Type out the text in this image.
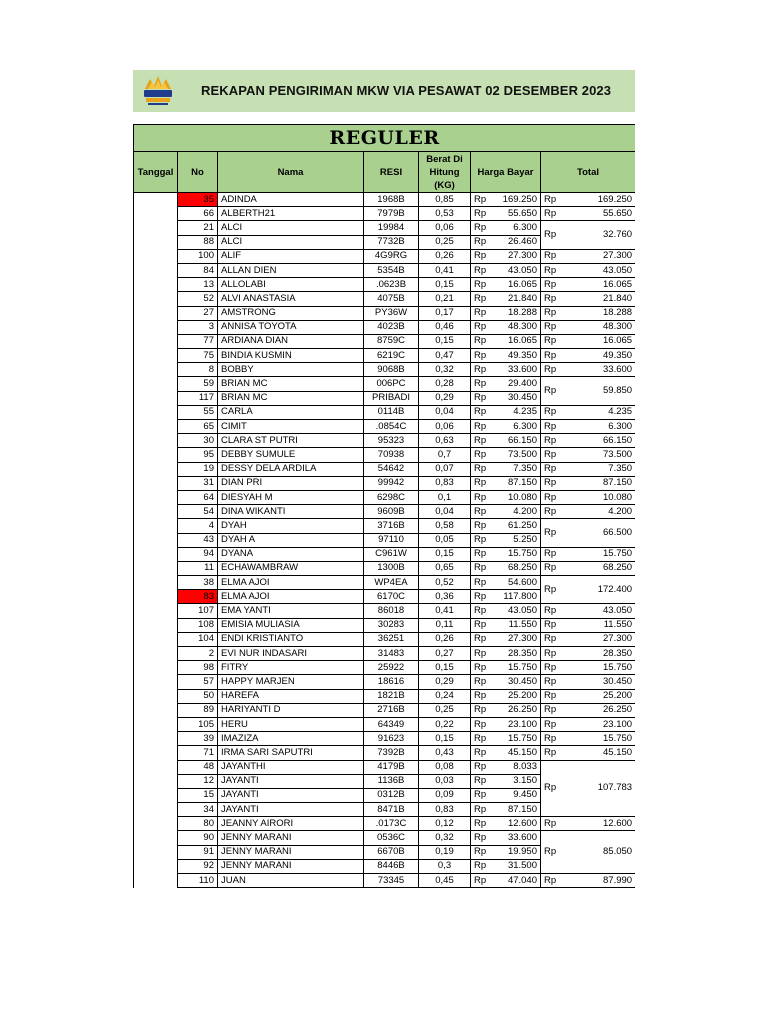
REKAPAN PENGIRIMAN MKW VIA PESAWAT 02 DESEMBER 2023
REGULER								
Tanggal	No	Nama	RESI	Berat Di Hitung (KG)	Harga Bayar		Total	
	35	ADINDA	1968B	0,85	Rp	169.250	Rp	169.250
	66	ALBERTH21	7979B	0,53	Rp	55.650	Rp	55.650
	21	ALCI	19984	0,06	Rp	6.300	Rp	32.760
	88	ALCI	7732B	0,25	Rp	26.460		
	100	ALIF	4G9RG	0,26	Rp	27.300	Rp	27.300
	84	ALLAN DIEN	5354B	0,41	Rp	43.050	Rp	43.050
	13	ALLOLABI	.0623B	0,15	Rp	16.065	Rp	16.065
	52	ALVI ANASTASIA	4075B	0,21	Rp	21.840	Rp	21.840
	27	AMSTRONG	PY36W	0,17	Rp	18.288	Rp	18.288
	3	ANNISA TOYOTA	4023B	0,46	Rp	48.300	Rp	48.300
	77	ARDIANA DIAN	8759C	0,15	Rp	16.065	Rp	16.065
	75	BINDIA KUSMIN	6219C	0,47	Rp	49.350	Rp	49.350
	8	BOBBY	9068B	0,32	Rp	33.600	Rp	33.600
	59	BRIAN MC	006PC	0,28	Rp	29.400	Rp	59.850
	117	BRIAN MC	PRIBADI	0,29	Rp	30.450		
	55	CARLA	0114B	0,04	Rp	4.235	Rp	4.235
	65	CIMIT	.0854C	0,06	Rp	6.300	Rp	6.300
	30	CLARA ST PUTRI	95323	0,63	Rp	66.150	Rp	66.150
	95	DEBBY SUMULE	70938	0,7	Rp	73.500	Rp	73.500
	19	DESSY DELA ARDILA	54642	0,07	Rp	7.350	Rp	7.350
	31	DIAN PRI	99942	0,83	Rp	87.150	Rp	87.150
	64	DIESYAH M	6298C	0,1	Rp	10.080	Rp	10.080
	54	DINA WIKANTI	9609B	0,04	Rp	4.200	Rp	4.200
	4	DYAH	3716B	0,58	Rp	61.250	Rp	66.500
	43	DYAH A	97110	0,05	Rp	5.250		
	94	DYANA	C961W	0,15	Rp	15.750	Rp	15.750
	11	ECHAWAMBRAW	1300B	0,65	Rp	68.250	Rp	68.250
	38	ELMA AJOI	WP4EA	0,52	Rp	54.600	Rp	172.400
	83	ELMA AJOI	6170C	0,36	Rp	117.800		
	107	EMA YANTI	86018	0,41	Rp	43.050	Rp	43.050
	108	EMISIA MULIASIA	30283	0,11	Rp	11.550	Rp	11.550
	104	ENDI KRISTIANTO	36251	0,26	Rp	27.300	Rp	27.300
	2	EVI NUR INDASARI	31483	0,27	Rp	28.350	Rp	28.350
	98	FITRY	25922	0,15	Rp	15.750	Rp	15.750
	57	HAPPY MARJEN	18616	0,29	Rp	30.450	Rp	30.450
	50	HAREFA	1821B	0,24	Rp	25.200	Rp	25.200
	89	HARIYANTI D	2716B	0,25	Rp	26.250	Rp	26.250
	105	HERU	64349	0,22	Rp	23.100	Rp	23.100
	39	IMAZIZA	91623	0,15	Rp	15.750	Rp	15.750
	71	IRMA SARI SAPUTRI	7392B	0,43	Rp	45.150	Rp	45.150
	48	JAYANTHI	4179B	0,08	Rp	8.033	Rp	107.783
	12	JAYANTI	1136B	0,03	Rp	3.150		
	15	JAYANTI	0312B	0,09	Rp	9.450		
	34	JAYANTI	8471B	0,83	Rp	87.150		
	80	JEANNY AIRORI	.0173C	0,12	Rp	12.600	Rp	12.600
	90	JENNY MARANI	0536C	0,32	Rp	33.600	Rp	85.050
	91	JENNY MARANI	6670B	0,19	Rp	19.950		
	92	JENNY MARANI	8446B	0,3	Rp	31.500		
	110	JUAN	73345	0,45	Rp	47.040	Rp	87.990
